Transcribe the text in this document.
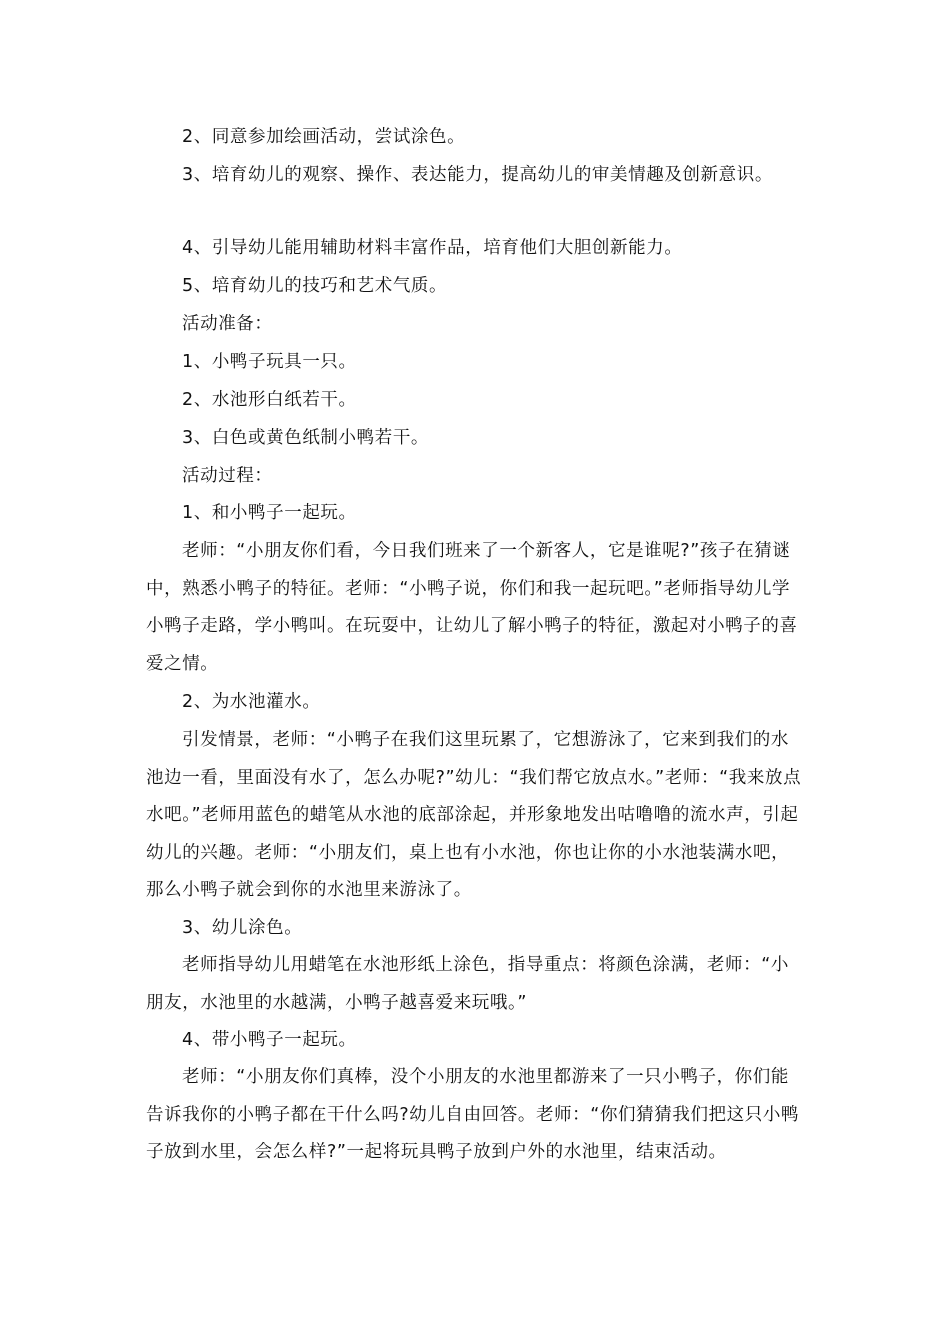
2、同意参加绘画活动，尝试涂色。

3、培育幼儿的观察、操作、表达能力，提高幼儿的审美情趣及创新意识。

4、引导幼儿能用辅助材料丰富作品，培育他们大胆创新能力。

5、培育幼儿的技巧和艺术气质。

活动准备：

1、小鸭子玩具一只。

2、水池形白纸若干。

3、白色或黄色纸制小鸭若干。

活动过程：

1、和小鸭子一起玩。

老师：“小朋友你们看，今日我们班来了一个新客人，它是谁呢?”孩子在猜谜中，熟悉小鸭子的特征。老师：“小鸭子说，你们和我一起玩吧。”老师指导幼儿学小鸭子走路，学小鸭叫。在玩耍中，让幼儿了解小鸭子的特征，激起对小鸭子的喜爱之情。

2、为水池灌水。

引发情景，老师：“小鸭子在我们这里玩累了，它想游泳了，它来到我们的水池边一看，里面没有水了，怎么办呢?”幼儿：“我们帮它放点水。”老师：“我来放点水吧。”老师用蓝色的蜡笔从水池的底部涂起，并形象地发出咕噜噜的流水声，引起幼儿的兴趣。老师：“小朋友们，桌上也有小水池，你也让你的小水池装满水吧，那么小鸭子就会到你的水池里来游泳了。

3、幼儿涂色。

老师指导幼儿用蜡笔在水池形纸上涂色，指导重点：将颜色涂满，老师：“小朋友，水池里的水越满，小鸭子越喜爱来玩哦。”

4、带小鸭子一起玩。

老师：“小朋友你们真棒，没个小朋友的水池里都游来了一只小鸭子，你们能告诉我你的小鸭子都在干什么吗?幼儿自由回答。老师：“你们猜猜我们把这只小鸭子放到水里，会怎么样?”一起将玩具鸭子放到户外的水池里，结束活动。
